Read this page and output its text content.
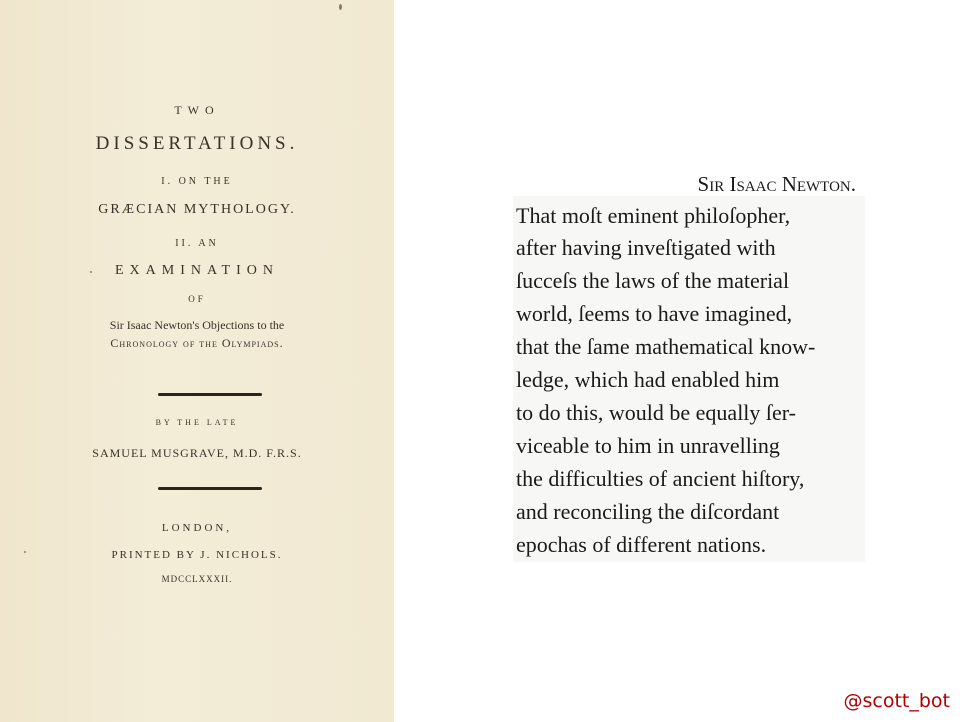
TWO
DISSERTATIONS.
I. ON THE
GRÆCIAN MYTHOLOGY.
II. AN
EXAMINATION
OF
Sir Isaac Newton's Objections to the
Chronology of the Olympiads.
BY THE LATE
SAMUEL MUSGRAVE, M.D. F.R.S.
LONDON,
PRINTED BY J. NICHOLS.
MDCCLXXXII.
Sir Isaac Newton.
That moſt eminent philoſopher,
after having inveſtigated with
ſucceſs the laws of the material
world, ſeems to have imagined,
that the ſame mathematical know-
ledge, which had enabled him
to do this, would be equally ſer-
viceable to him in unravelling
the difficulties of ancient hiſtory,
and reconciling the diſcordant
epochas of different nations.
@scott_bot
